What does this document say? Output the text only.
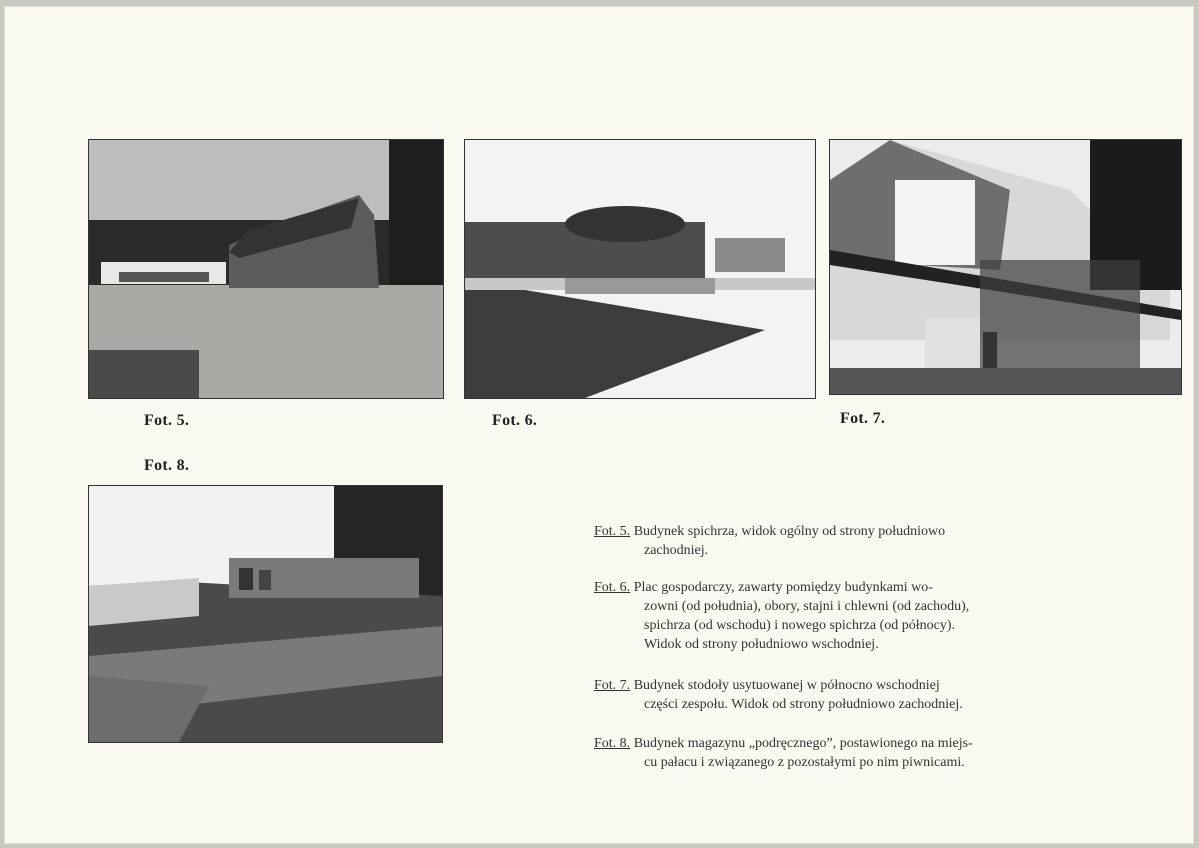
Fot. 5.	Fot. 6.	Fot. 7.
Fot. 8.
Fot. 5. Budynek spichrza, widok ogólny od strony południowo
zachodniej.
Fot. 6. Plac gospodarczy, zawarty pomiędzy budynkami wo-
zowni (od południa), obory, stajni i chlewni (od zachodu),
spichrza (od wschodu) i nowego spichrza (od północy).
Widok od strony południowo wschodniej.
Fot. 7. Budynek stodoły usytuowanej w północno wschodniej
części zespołu. Widok od strony południowo zachodniej.
Fot. 8. Budynek magazynu „podręcznego”, postawionego na miejs-
cu pałacu i związanego z pozostałymi po nim piwnicami.
